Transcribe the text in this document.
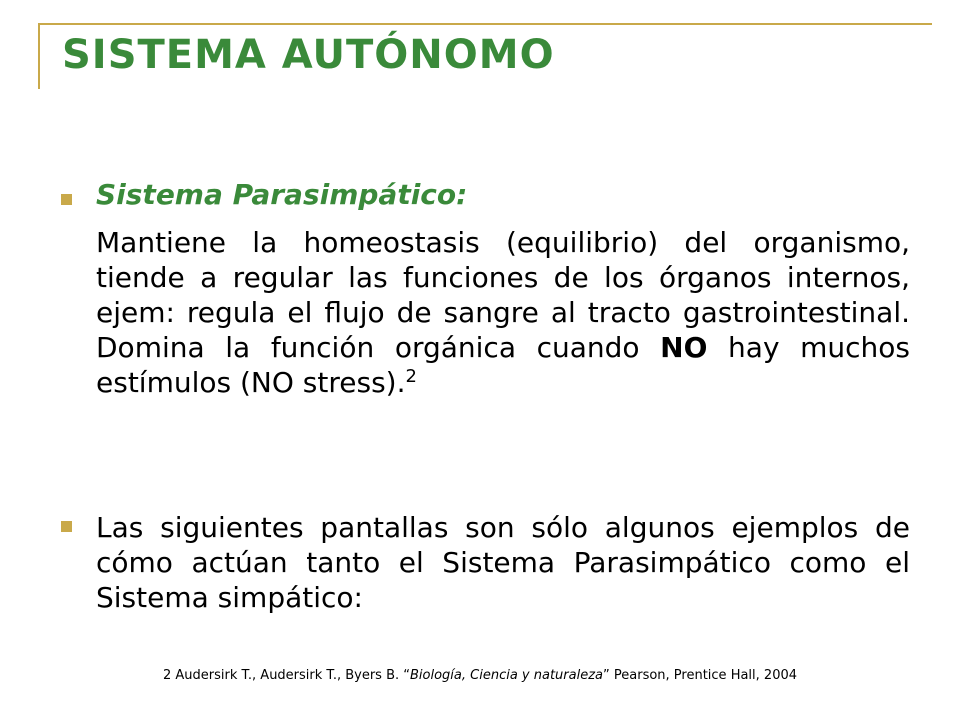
SISTEMA AUTÓNOMO
Sistema Parasimpático:

Mantiene la homeostasis (equilibrio) del organismo, tiende a regular las funciones de los órganos internos, ejem: regula el flujo de sangre al tracto gastrointestinal. Domina la función orgánica cuando NO hay muchos estímulos (NO stress).$^2$

Las siguientes pantallas son sólo algunos ejemplos de cómo actúan tanto el Sistema Parasimpático como el Sistema simpático:

2 Audersirk T., Audersirk T., Byers B. “Biología, Ciencia y naturaleza” Pearson, Prentice Hall, 2004
